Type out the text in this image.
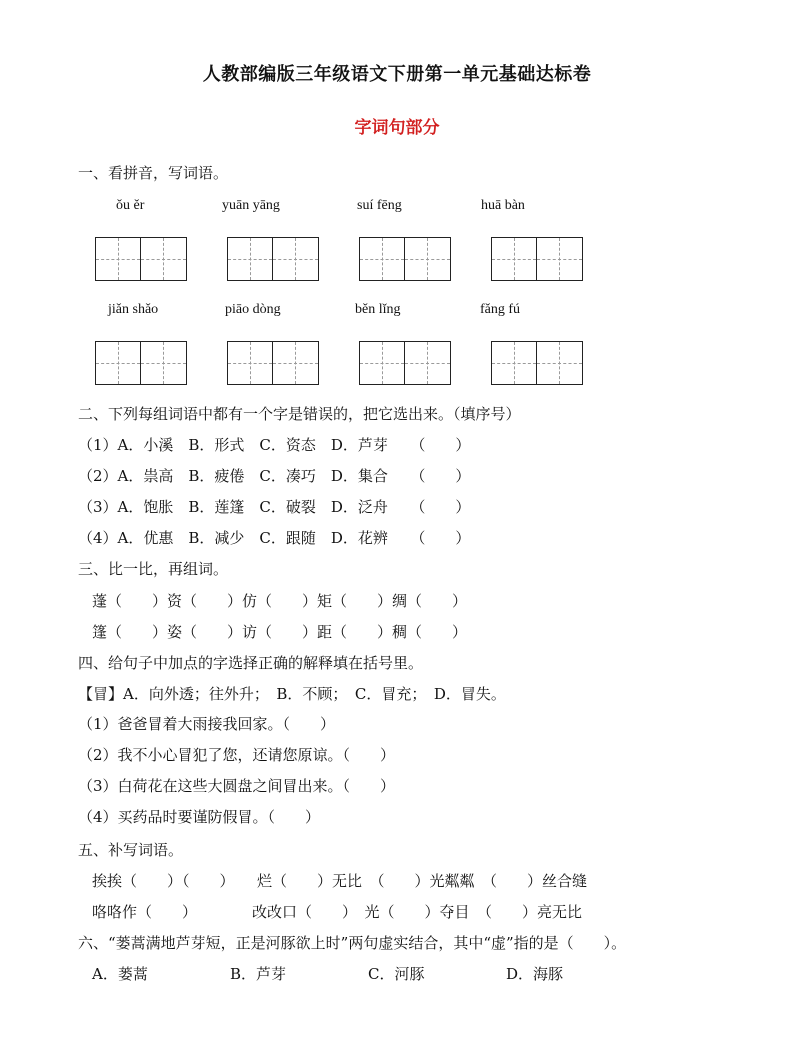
人教部编版三年级语文下册第一单元基础达标卷
字词句部分
一、看拼音，写词语。
ǒu ěr	yuān yāng	suí fēng	huā bàn
jiǎn shǎo	piāo dòng	běn lǐng	fǎng fú
二、下列每组词语中都有一个字是错误的，把它选出来。（填序号）
（1）A．小溪　B．形式　C．资态　D．芦芽　　（　　）
（2）A．祟高　B．疲倦　C．凑巧　D．集合　　（　　）
（3）A．饱胀　B．莲篷　C．破裂　D．泛舟　　（　　）
（4）A．优惠　B．减少　C．跟随　D．花辨　　（　　）
三、比一比，再组词。
蓬（　　）资（　　）仿（　　）矩（　　）绸（　　）
篷（　　）姿（　　）访（　　）距（　　）稠（　　）
四、给句子中加点的字选择正确的解释填在括号里。
【冒】A．向外透；往外升；　B．不顾；　C．冒充；　D．冒失。
（1）爸爸冒着大雨接我回家。（　　）
（2）我不小心冒犯了您，还请您原谅。（　　）
（3）白荷花在这些大圆盘之间冒出来。（　　）
（4）买药品时要谨防假冒。（　　）
五、补写词语。
挨挨（　　）（　　）　　烂（　　）无比　（　　）光粼粼　（　　）丝合缝
咯咯作（　　）	改改口（　　）　光（　　）夺目　（　　）亮无比
六、“蒌蒿满地芦芽短，正是河豚欲上时”两句虚实结合，其中“虚”指的是（　　）。
A．蒌蒿	B．芦芽	C．河豚	D．海豚
